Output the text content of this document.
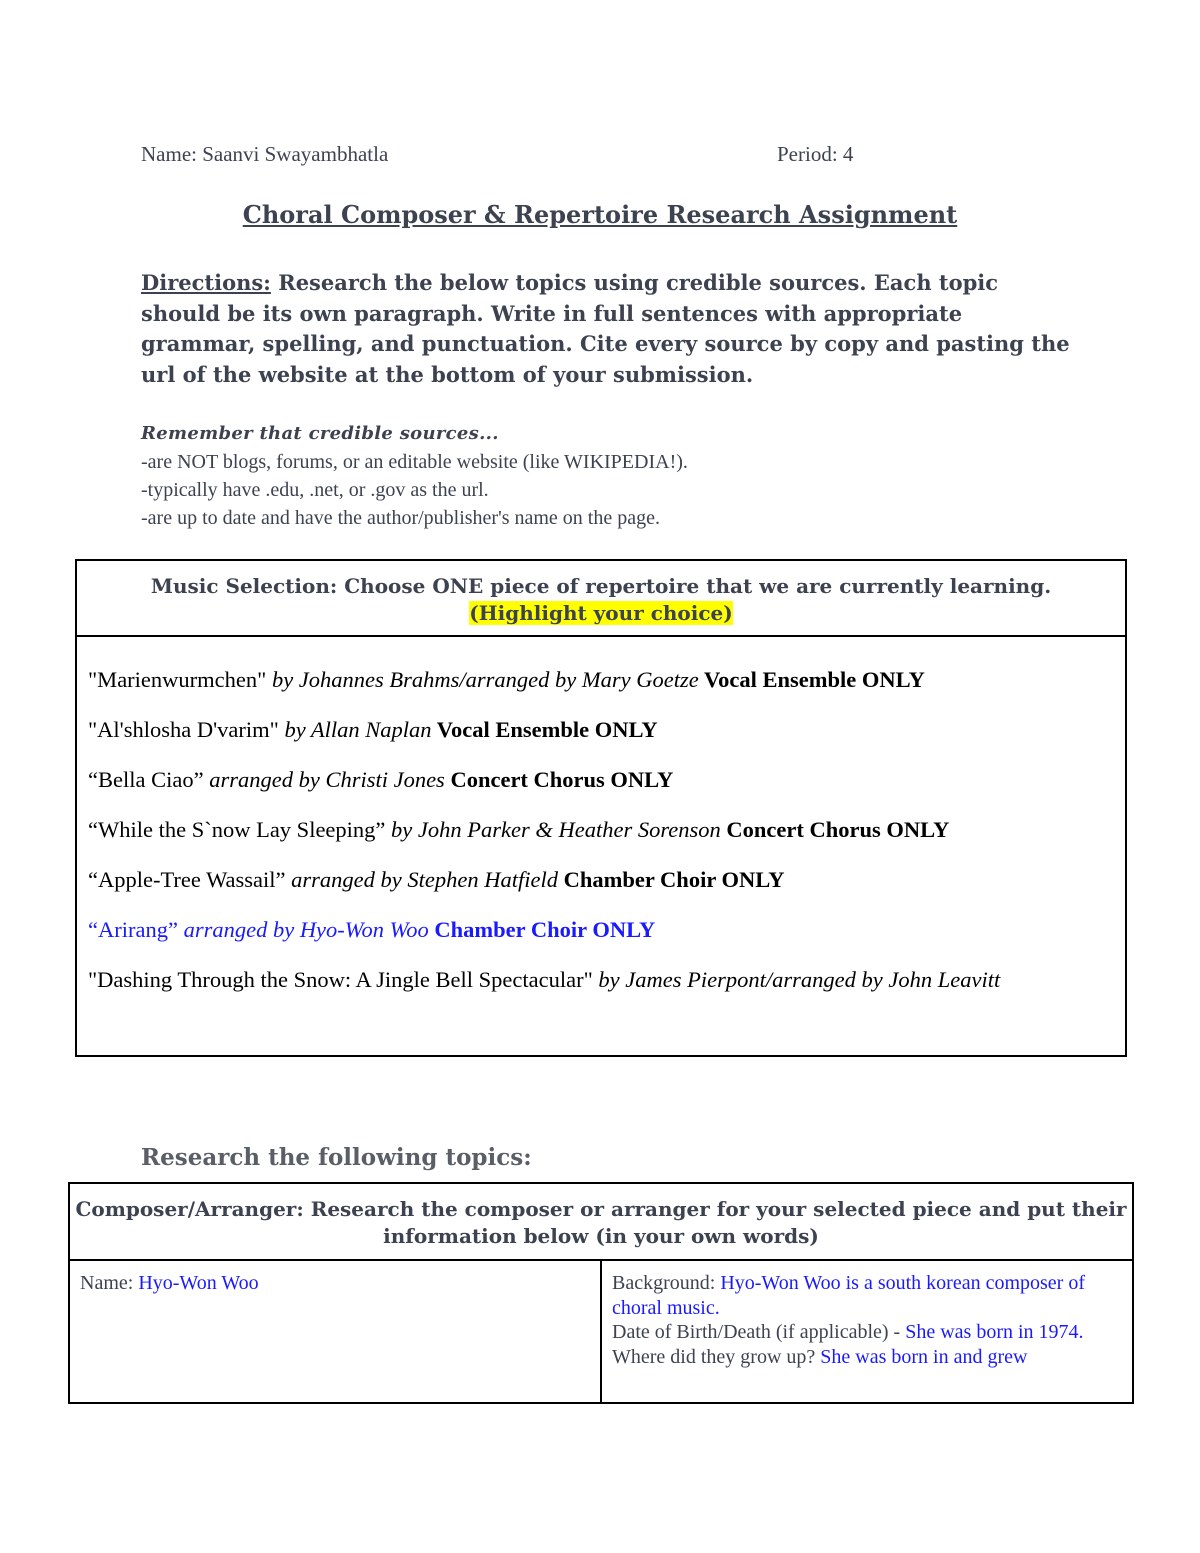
Name: Saanvi Swayambhatla	Period: 4
Choral Composer & Repertoire Research Assignment
Directions: Research the below topics using credible sources. Each topic should be its own paragraph. Write in full sentences with appropriate grammar, spelling, and punctuation. Cite every source by copy and pasting the url of the website at the bottom of your submission.
Remember that credible sources...
-are NOT blogs, forums, or an editable website (like WIKIPEDIA!).
-typically have .edu, .net, or .gov as the url.
-are up to date and have the author/publisher's name on the page.
Music Selection: Choose ONE piece of repertoire that we are currently learning.
(Highlight your choice)
"Marienwurmchen" by Johannes Brahms/arranged by Mary Goetze Vocal Ensemble ONLY
"Al'shlosha D'varim" by Allan Naplan Vocal Ensemble ONLY
“Bella Ciao” arranged by Christi Jones Concert Chorus ONLY
“While the S`now Lay Sleeping” by John Parker & Heather Sorenson Concert Chorus ONLY
“Apple-Tree Wassail” arranged by Stephen Hatfield Chamber Choir ONLY
“Arirang” arranged by Hyo-Won Woo Chamber Choir ONLY
"Dashing Through the Snow: A Jingle Bell Spectacular" by James Pierpont/arranged by John Leavitt
Research the following topics:
Composer/Arranger: Research the composer or arranger for your selected piece and put their information below (in your own words)
Name: Hyo-Won Woo	Background: Hyo-Won Woo is a south korean composer of choral music.
Date of Birth/Death (if applicable) - She was born in 1974.
Where did they grow up? She was born in and grew
